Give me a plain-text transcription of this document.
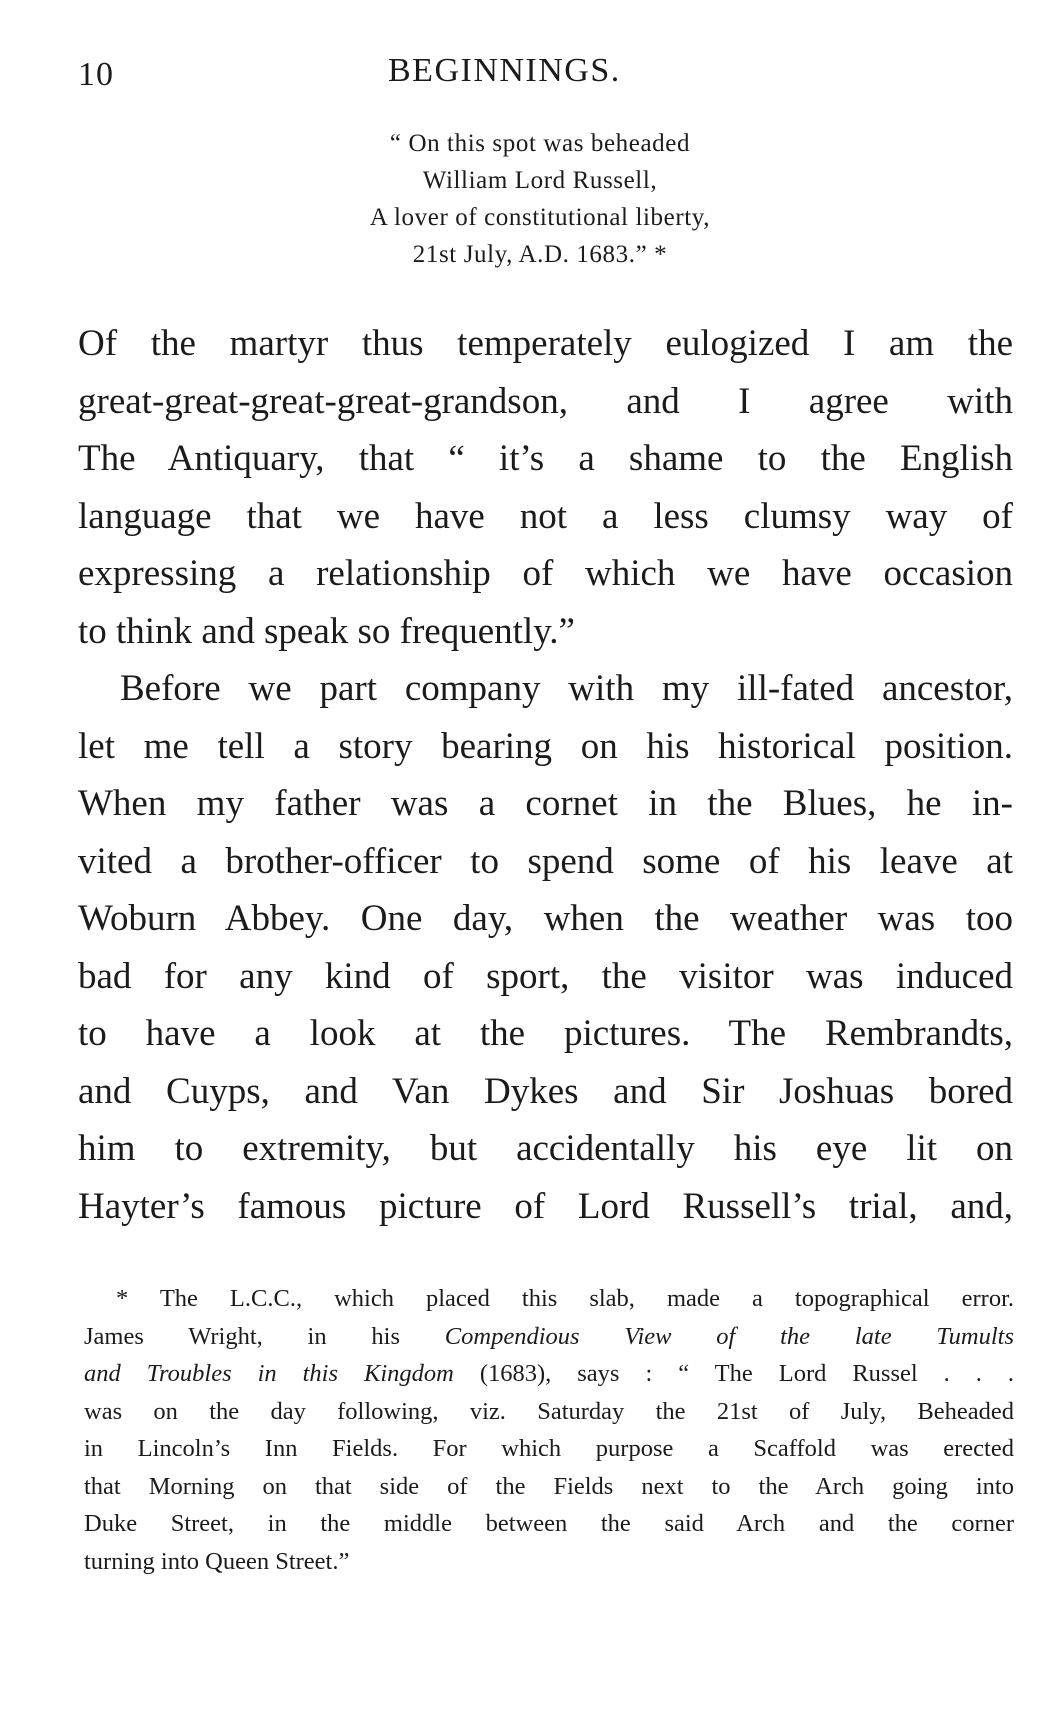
10	BEGINNINGS.
“ On this spot was beheaded
William Lord Russell,
A lover of constitutional liberty,
21st July, A.D. 1683.” *
Of the martyr thus temperately eulogized I am the
great-great-great-great-grandson, and I agree with
The Antiquary, that “ it’s a shame to the English
language that we have not a less clumsy way of
expressing a relationship of which we have occasion
to think and speak so frequently.”
Before we part company with my ill-fated ancestor,
let me tell a story bearing on his historical position.
When my father was a cornet in the Blues, he in-
vited a brother-officer to spend some of his leave at
Woburn Abbey. One day, when the weather was too
bad for any kind of sport, the visitor was induced
to have a look at the pictures. The Rembrandts,
and Cuyps, and Van Dykes and Sir Joshuas bored
him to extremity, but accidentally his eye lit on
Hayter’s famous picture of Lord Russell’s trial, and,
* The L.C.C., which placed this slab, made a topographical error.
James Wright, in his Compendious View of the late Tumults
and Troubles in this Kingdom (1683), says : “ The Lord Russel . . .
was on the day following, viz. Saturday the 21st of July, Beheaded
in Lincoln’s Inn Fields. For which purpose a Scaffold was erected
that Morning on that side of the Fields next to the Arch going into
Duke Street, in the middle between the said Arch and the corner
turning into Queen Street.”
